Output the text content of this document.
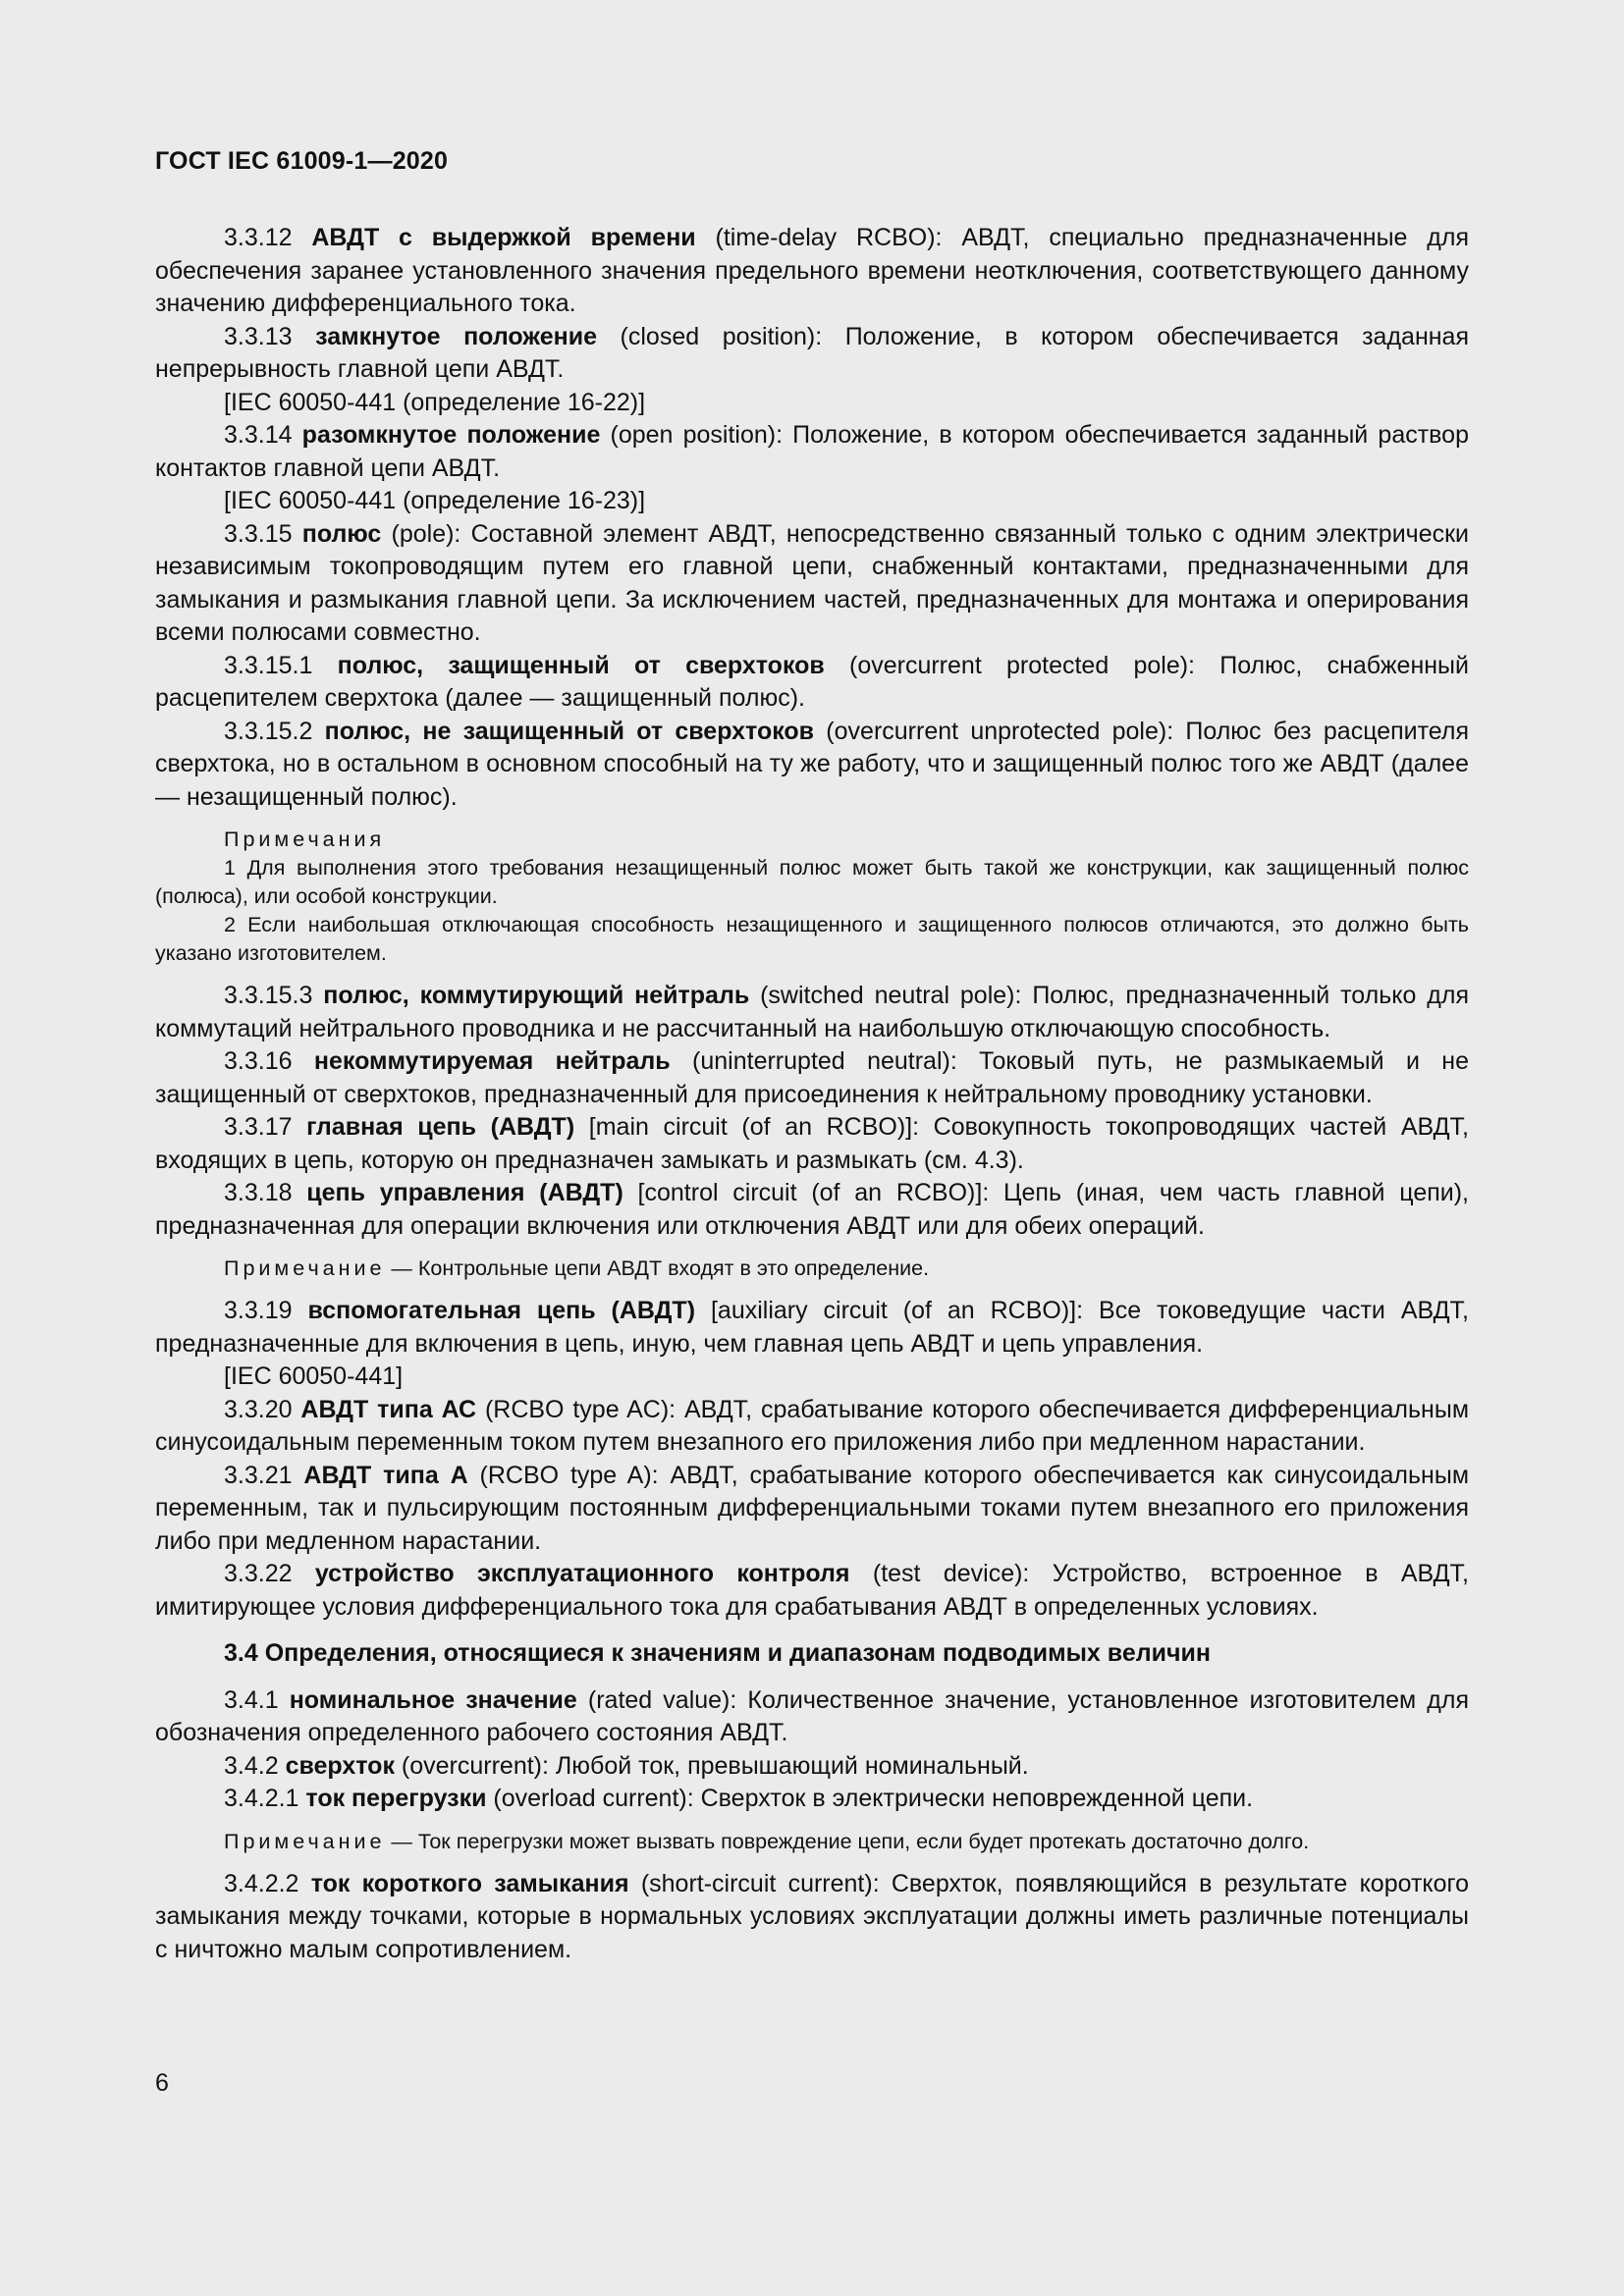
ГОСТ IEC 61009-1—2020

3.3.12 АВДТ с выдержкой времени (time-delay RCBO): АВДТ, специально предназначенные для обеспечения заранее установленного значения предельного времени неотключения, соответствующего данному значению дифференциального тока.

3.3.13 замкнутое положение (closed position): Положение, в котором обеспечивается заданная непрерывность главной цепи АВДТ.

[IEC 60050-441 (определение 16-22)]

3.3.14 разомкнутое положение (open position): Положение, в котором обеспечивается заданный раствор контактов главной цепи АВДТ.

[IEC 60050-441 (определение 16-23)]

3.3.15 полюс (pole): Составной элемент АВДТ, непосредственно связанный только с одним электрически независимым токопроводящим путем его главной цепи, снабженный контактами, предназначенными для замыкания и размыкания главной цепи. За исключением частей, предназначенных для монтажа и оперирования всеми полюсами совместно.

3.3.15.1 полюс, защищенный от сверхтоков (overcurrent protected pole): Полюс, снабженный расцепителем сверхтока (далее — защищенный полюс).

3.3.15.2 полюс, не защищенный от сверхтоков (overcurrent unprotected pole): Полюс без расцепителя сверхтока, но в остальном в основном способный на ту же работу, что и защищенный полюс того же АВДТ (далее — незащищенный полюс).

Примечания

1 Для выполнения этого требования незащищенный полюс может быть такой же конструкции, как защищенный полюс (полюса), или особой конструкции.

2 Если наибольшая отключающая способность незащищенного и защищенного полюсов отличаются, это должно быть указано изготовителем.

3.3.15.3 полюс, коммутирующий нейтраль (switched neutral pole): Полюс, предназначенный только для коммутаций нейтрального проводника и не рассчитанный на наибольшую отключающую способность.

3.3.16 некоммутируемая нейтраль (uninterrupted neutral): Токовый путь, не размыкаемый и не защищенный от сверхтоков, предназначенный для присоединения к нейтральному проводнику установки.

3.3.17 главная цепь (АВДТ) [main circuit (of an RCBO)]: Совокупность токопроводящих частей АВДТ, входящих в цепь, которую он предназначен замыкать и размыкать (см. 4.3).

3.3.18 цепь управления (АВДТ) [control circuit (of an RCBO)]: Цепь (иная, чем часть главной цепи), предназначенная для операции включения или отключения АВДТ или для обеих операций.

Примечание — Контрольные цепи АВДТ входят в это определение.

3.3.19 вспомогательная цепь (АВДТ) [auxiliary circuit (of an RCBO)]: Все токоведущие части АВДТ, предназначенные для включения в цепь, иную, чем главная цепь АВДТ и цепь управления.

[IEC 60050-441]

3.3.20 АВДТ типа АС (RCBO type AC): АВДТ, срабатывание которого обеспечивается дифференциальным синусоидальным переменным током путем внезапного его приложения либо при медленном нарастании.

3.3.21 АВДТ типа А (RCBO type A): АВДТ, срабатывание которого обеспечивается как синусоидальным переменным, так и пульсирующим постоянным дифференциальными токами путем внезапного его приложения либо при медленном нарастании.

3.3.22 устройство эксплуатационного контроля (test device): Устройство, встроенное в АВДТ, имитирующее условия дифференциального тока для срабатывания АВДТ в определенных условиях.

3.4 Определения, относящиеся к значениям и диапазонам подводимых величин

3.4.1 номинальное значение (rated value): Количественное значение, установленное изготовителем для обозначения определенного рабочего состояния АВДТ.

3.4.2 сверхток (overcurrent): Любой ток, превышающий номинальный.

3.4.2.1 ток перегрузки (overload current): Сверхток в электрически неповрежденной цепи.

Примечание — Ток перегрузки может вызвать повреждение цепи, если будет протекать достаточно долго.

3.4.2.2 ток короткого замыкания (short-circuit current): Сверхток, появляющийся в результате короткого замыкания между точками, которые в нормальных условиях эксплуатации должны иметь различные потенциалы с ничтожно малым сопротивлением.

6
